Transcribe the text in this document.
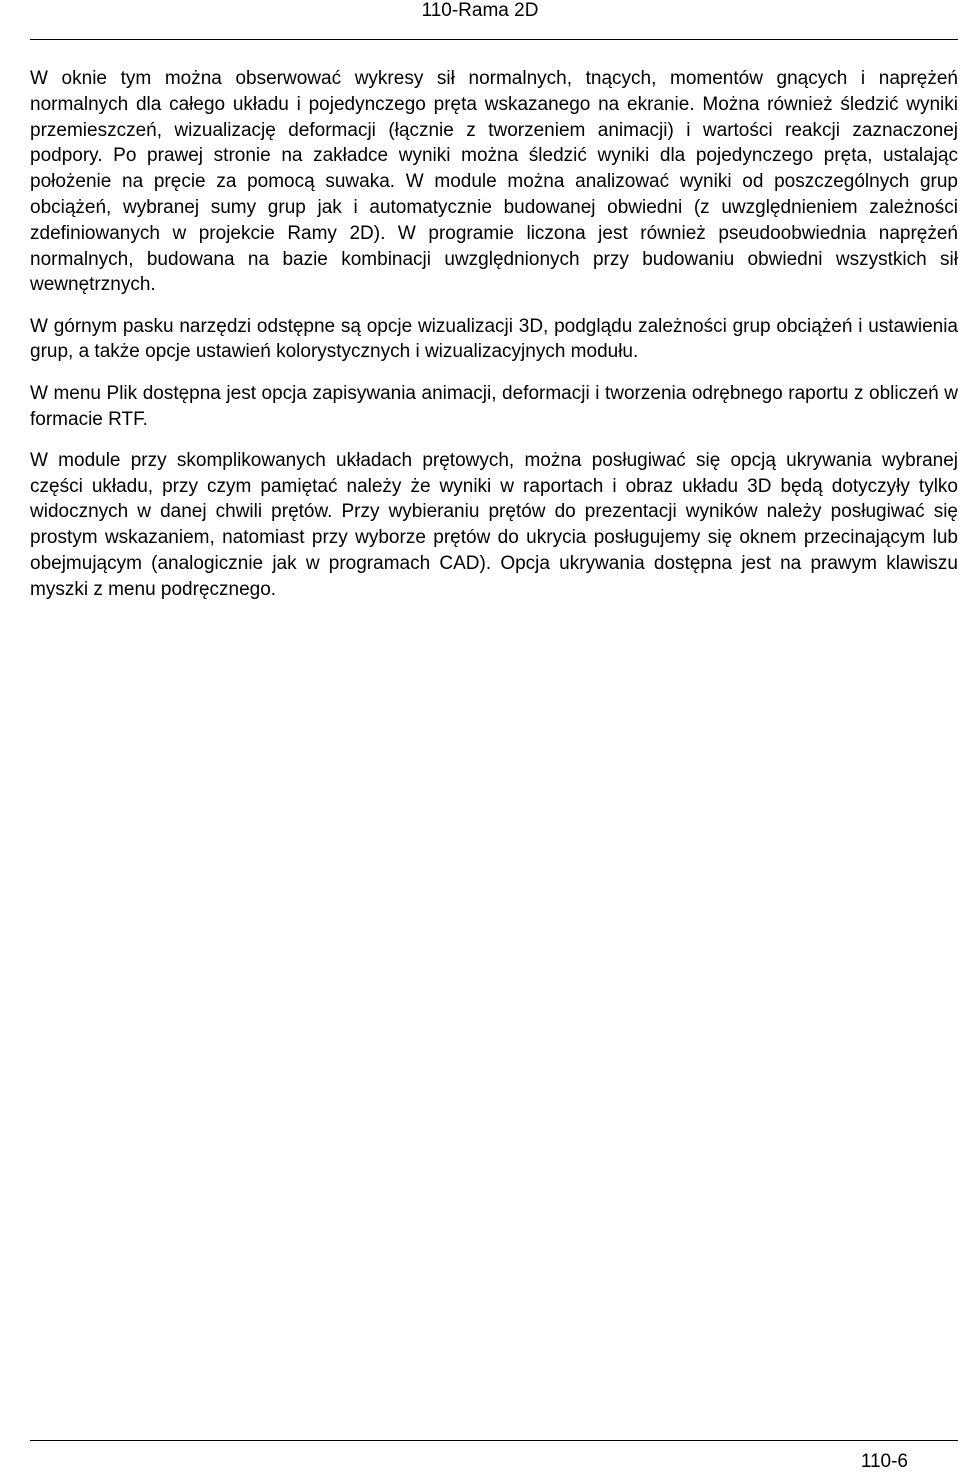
110-Rama 2D

W oknie tym można obserwować wykresy sił normalnych, tnących, momentów gnących i naprężeń normalnych dla całego układu i pojedynczego pręta wskazanego na ekranie. Można również śledzić wyniki przemieszczeń, wizualizację deformacji (łącznie z tworzeniem animacji) i wartości reakcji zaznaczonej podpory. Po prawej stronie na zakładce wyniki można śledzić wyniki dla pojedynczego pręta, ustalając położenie na pręcie za pomocą suwaka. W module można analizować wyniki od poszczególnych grup obciążeń, wybranej sumy grup jak i automatycznie budowanej obwiedni (z uwzględnieniem zależności zdefiniowanych w projekcie Ramy 2D). W programie liczona jest również pseudoobwiednia naprężeń normalnych, budowana na bazie kombinacji uwzględnionych przy budowaniu obwiedni wszystkich sił wewnętrznych.

W górnym pasku narzędzi odstępne są opcje wizualizacji 3D, podglądu zależności grup obciążeń i ustawienia grup, a także opcje ustawień kolorystycznych i wizualizacyjnych modułu.

W menu Plik dostępna jest opcja zapisywania animacji, deformacji i tworzenia odrębnego raportu z obliczeń w formacie RTF.

W module przy skomplikowanych układach prętowych, można posługiwać się opcją ukrywania wybranej części układu, przy czym pamiętać należy że wyniki w raportach i obraz układu 3D będą dotyczyły tylko widocznych w danej chwili prętów. Przy wybieraniu prętów do prezentacji wyników należy posługiwać się prostym wskazaniem, natomiast przy wyborze prętów do ukrycia posługujemy się oknem przecinającym lub obejmującym (analogicznie jak w programach CAD). Opcja ukrywania dostępna jest na prawym klawiszu myszki z menu podręcznego.

110-6
